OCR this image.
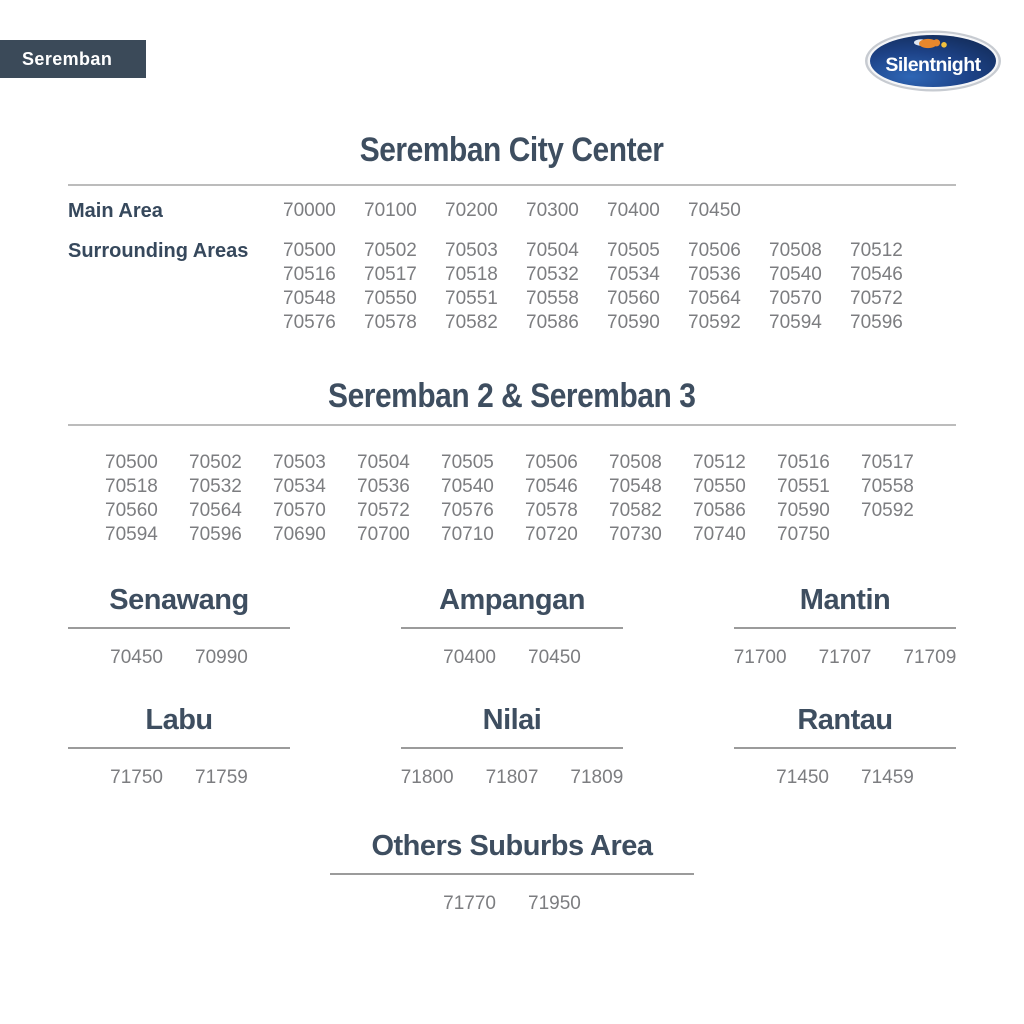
Seremban	Silentnight
Seremban City Center
Main Area	70000	70100	70200	70300	70400	70450
Surrounding Areas	70500	70502	70503	70504	70505	70506	70508	70512
70516	70517	70518	70532	70534	70536	70540	70546
70548	70550	70551	70558	70560	70564	70570	70572
70576	70578	70582	70586	70590	70592	70594	70596
Seremban 2 & Seremban 3
70500	70502	70503	70504	70505	70506	70508	70512	70516	70517
70518	70532	70534	70536	70540	70546	70548	70550	70551	70558
70560	70564	70570	70572	70576	70578	70582	70586	70590	70592
70594	70596	70690	70700	70710	70720	70730	70740	70750
Senawang
70450 70990
Ampangan
70400 70450
Mantin
71700 71707 71709
Labu
71750 71759
Nilai
71800 71807 71809
Rantau
71450 71459
Others Suburbs Area
71770 71950
